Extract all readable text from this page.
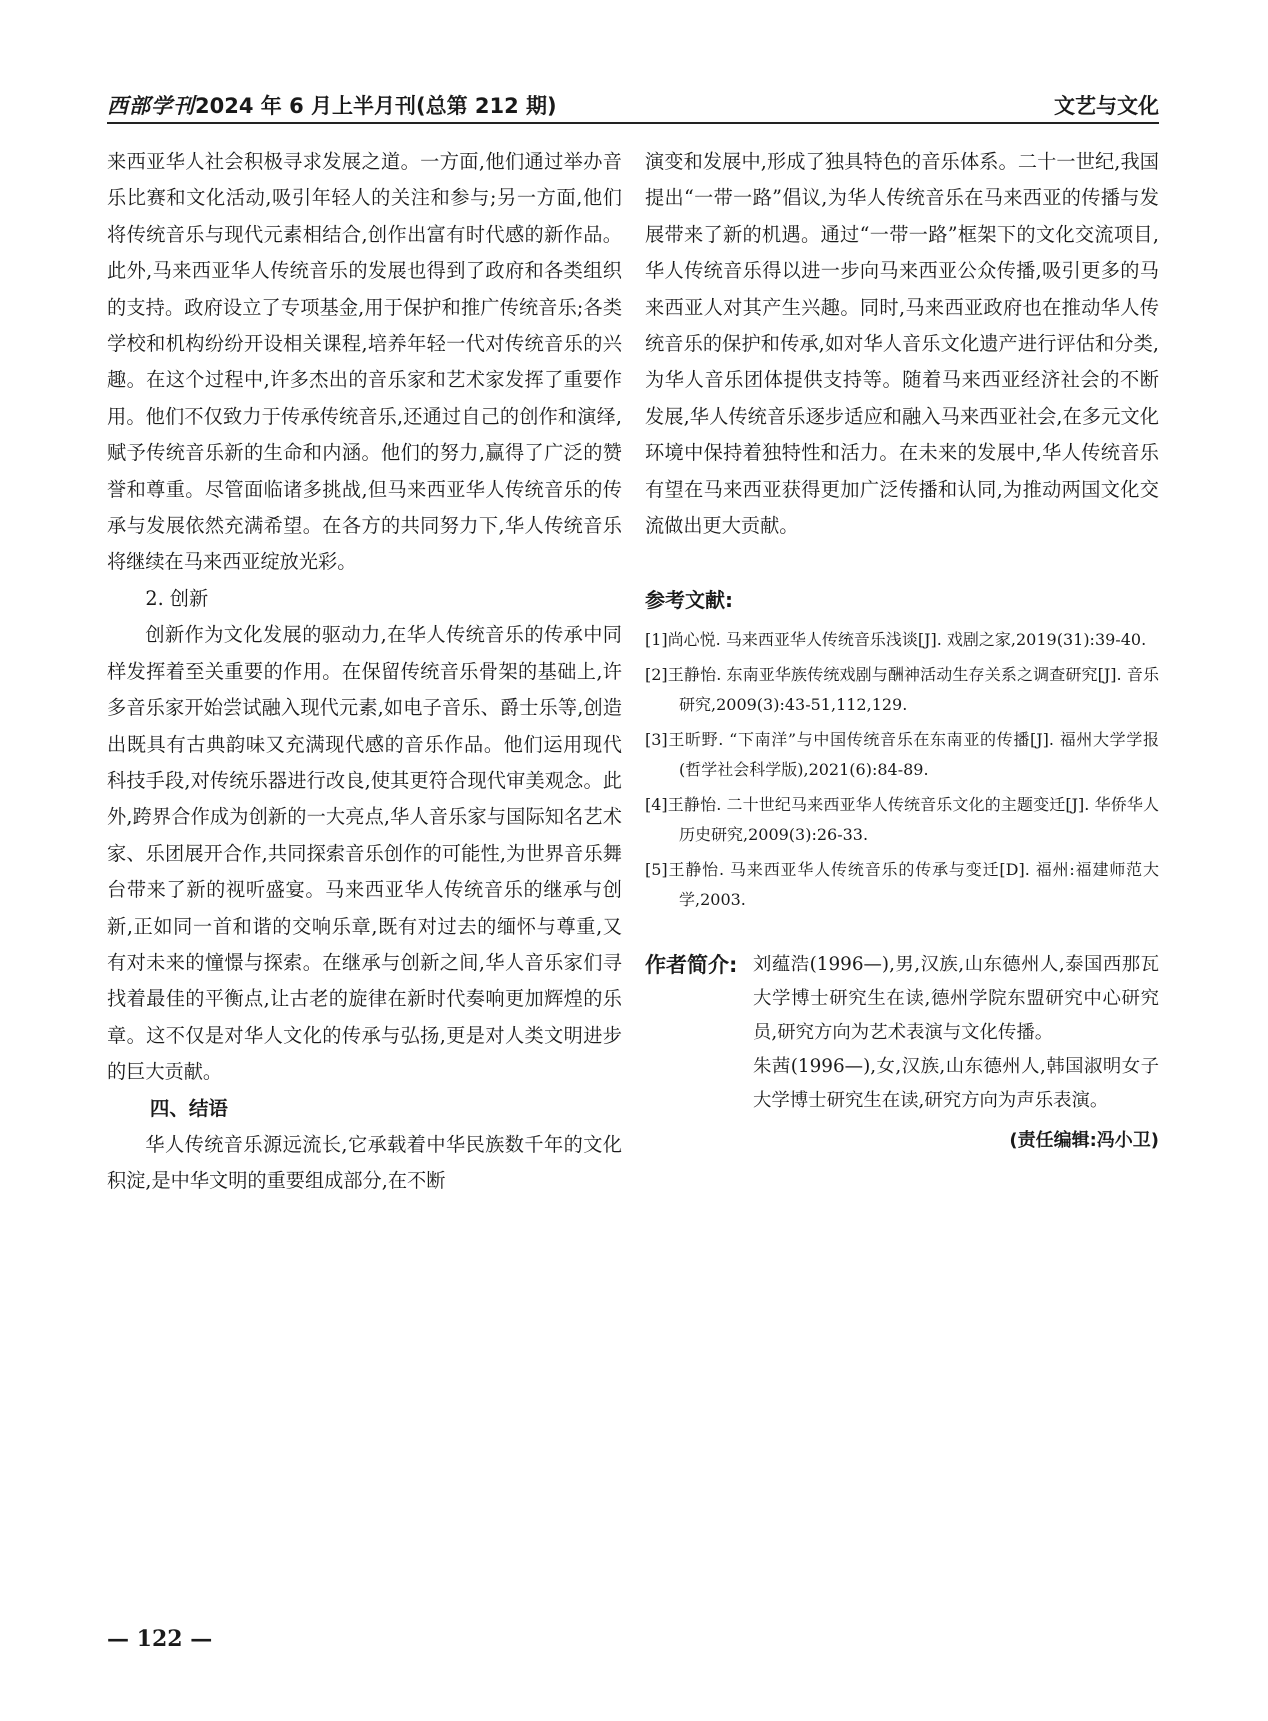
西部学刊2024 年 6 月上半月刊(总第 212 期)	文艺与文化

来西亚华人社会积极寻求发展之道。一方面,他们通过举办音乐比赛和文化活动,吸引年轻人的关注和参与;另一方面,他们将传统音乐与现代元素相结合,创作出富有时代感的新作品。此外,马来西亚华人传统音乐的发展也得到了政府和各类组织的支持。政府设立了专项基金,用于保护和推广传统音乐;各类学校和机构纷纷开设相关课程,培养年轻一代对传统音乐的兴趣。在这个过程中,许多杰出的音乐家和艺术家发挥了重要作用。他们不仅致力于传承传统音乐,还通过自己的创作和演绎,赋予传统音乐新的生命和内涵。他们的努力,赢得了广泛的赞誉和尊重。尽管面临诸多挑战,但马来西亚华人传统音乐的传承与发展依然充满希望。在各方的共同努力下,华人传统音乐将继续在马来西亚绽放光彩。

2. 创新

创新作为文化发展的驱动力,在华人传统音乐的传承中同样发挥着至关重要的作用。在保留传统音乐骨架的基础上,许多音乐家开始尝试融入现代元素,如电子音乐、爵士乐等,创造出既具有古典韵味又充满现代感的音乐作品。他们运用现代科技手段,对传统乐器进行改良,使其更符合现代审美观念。此外,跨界合作成为创新的一大亮点,华人音乐家与国际知名艺术家、乐团展开合作,共同探索音乐创作的可能性,为世界音乐舞台带来了新的视听盛宴。马来西亚华人传统音乐的继承与创新,正如同一首和谐的交响乐章,既有对过去的缅怀与尊重,又有对未来的憧憬与探索。在继承与创新之间,华人音乐家们寻找着最佳的平衡点,让古老的旋律在新时代奏响更加辉煌的乐章。这不仅是对华人文化的传承与弘扬,更是对人类文明进步的巨大贡献。

四、结语

华人传统音乐源远流长,它承载着中华民族数千年的文化积淀,是中华文明的重要组成部分,在不断

演变和发展中,形成了独具特色的音乐体系。二十一世纪,我国提出“一带一路”倡议,为华人传统音乐在马来西亚的传播与发展带来了新的机遇。通过“一带一路”框架下的文化交流项目,华人传统音乐得以进一步向马来西亚公众传播,吸引更多的马来西亚人对其产生兴趣。同时,马来西亚政府也在推动华人传统音乐的保护和传承,如对华人音乐文化遗产进行评估和分类,为华人音乐团体提供支持等。随着马来西亚经济社会的不断发展,华人传统音乐逐步适应和融入马来西亚社会,在多元文化环境中保持着独特性和活力。在未来的发展中,华人传统音乐有望在马来西亚获得更加广泛传播和认同,为推动两国文化交流做出更大贡献。

参考文献:

[1]尚心悦. 马来西亚华人传统音乐浅谈[J]. 戏剧之家,2019(31):39-40.

[2]王静怡. 东南亚华族传统戏剧与酬神活动生存关系之调查研究[J]. 音乐研究,2009(3):43-51,112,129.

[3]王昕野. “下南洋”与中国传统音乐在东南亚的传播[J]. 福州大学学报(哲学社会科学版),2021(6):84-89.

[4]王静怡. 二十世纪马来西亚华人传统音乐文化的主题变迁[J]. 华侨华人历史研究,2009(3):26-33.

[5]王静怡. 马来西亚华人传统音乐的传承与变迁[D]. 福州:福建师范大学,2003.

作者简介: 刘蕴浩(1996—),男,汉族,山东德州人,泰国西那瓦大学博士研究生在读,德州学院东盟研究中心研究员,研究方向为艺术表演与文化传播。

朱茜(1996—),女,汉族,山东德州人,韩国淑明女子大学博士研究生在读,研究方向为声乐表演。

(责任编辑:冯小卫)
— 122 —
